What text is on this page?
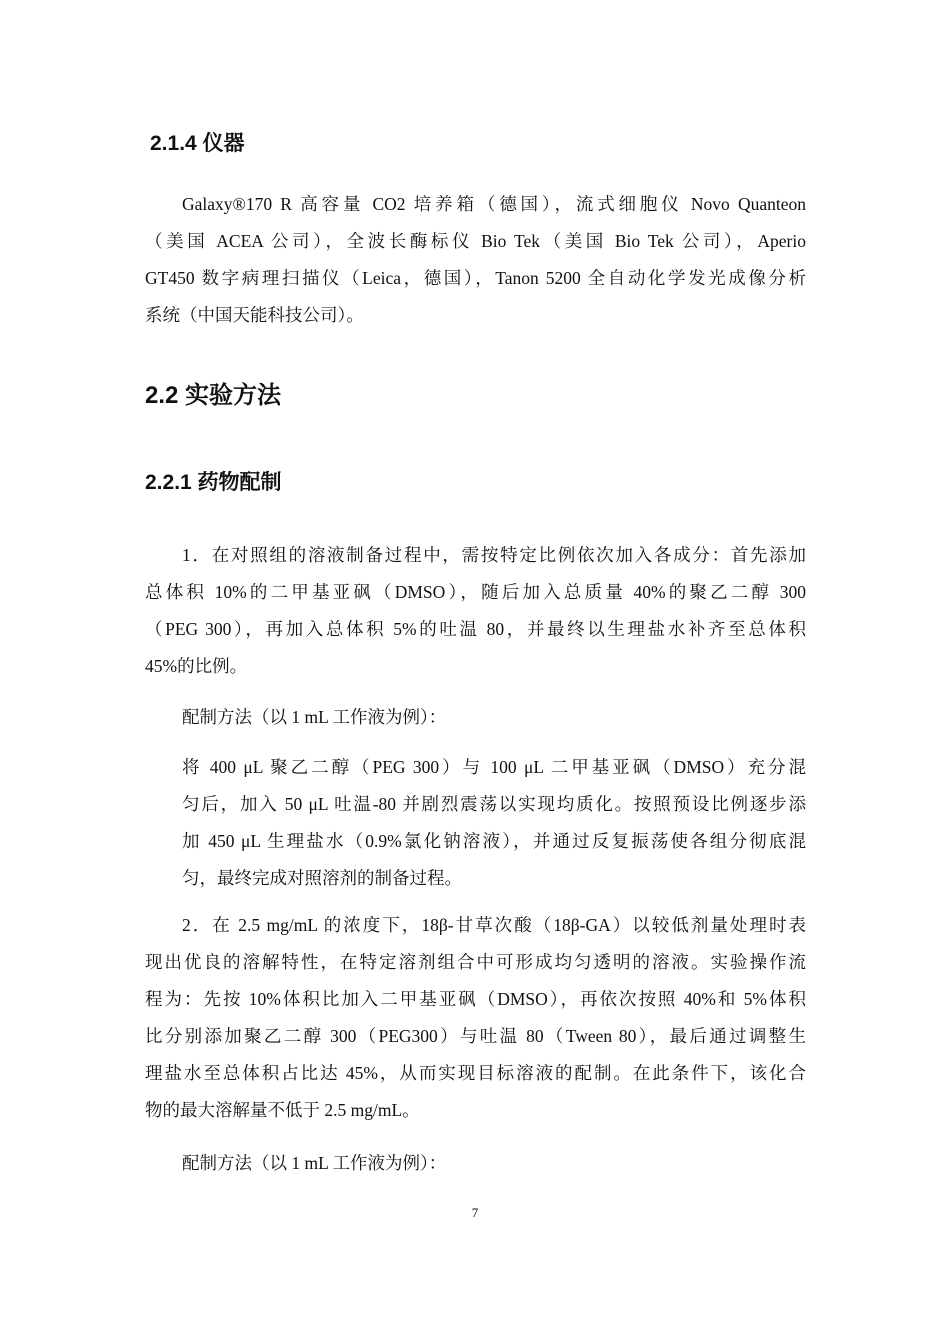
2.1.4 仪器
Galaxy®170 R 高容量 CO2 培养箱（德国），流式细胞仪 Novo Quanteon
（美国 ACEA 公司），全波长酶标仪 Bio Tek（美国 Bio Tek 公司），Aperio
GT450 数字病理扫描仪（Leica，德国），Tanon 5200 全自动化学发光成像分析
系统（中国天能科技公司）。
2.2 实验方法
2.2.1 药物配制
1．在对照组的溶液制备过程中，需按特定比例依次加入各成分：首先添加
总体积 10%的二甲基亚砜（DMSO），随后加入总质量 40%的聚乙二醇 300
（PEG 300），再加入总体积 5%的吐温 80，并最终以生理盐水补齐至总体积
45%的比例。
配制方法（以 1 mL 工作液为例）：
将 400 μL 聚乙二醇（PEG 300）与 100 μL 二甲基亚砜（DMSO）充分混
匀后，加入 50 μL 吐温-80 并剧烈震荡以实现均质化。按照预设比例逐步添
加 450 μL 生理盐水（0.9%氯化钠溶液），并通过反复振荡使各组分彻底混
匀，最终完成对照溶剂的制备过程。
2．在 2.5 mg/mL 的浓度下，18β-甘草次酸（18β-GA）以较低剂量处理时表
现出优良的溶解特性，在特定溶剂组合中可形成均匀透明的溶液。实验操作流
程为：先按 10%体积比加入二甲基亚砜（DMSO），再依次按照 40%和 5%体积
比分别添加聚乙二醇 300（PEG300）与吐温 80（Tween 80），最后通过调整生
理盐水至总体积占比达 45%，从而实现目标溶液的配制。在此条件下，该化合
物的最大溶解量不低于 2.5 mg/mL。
配制方法（以 1 mL 工作液为例）：
7
